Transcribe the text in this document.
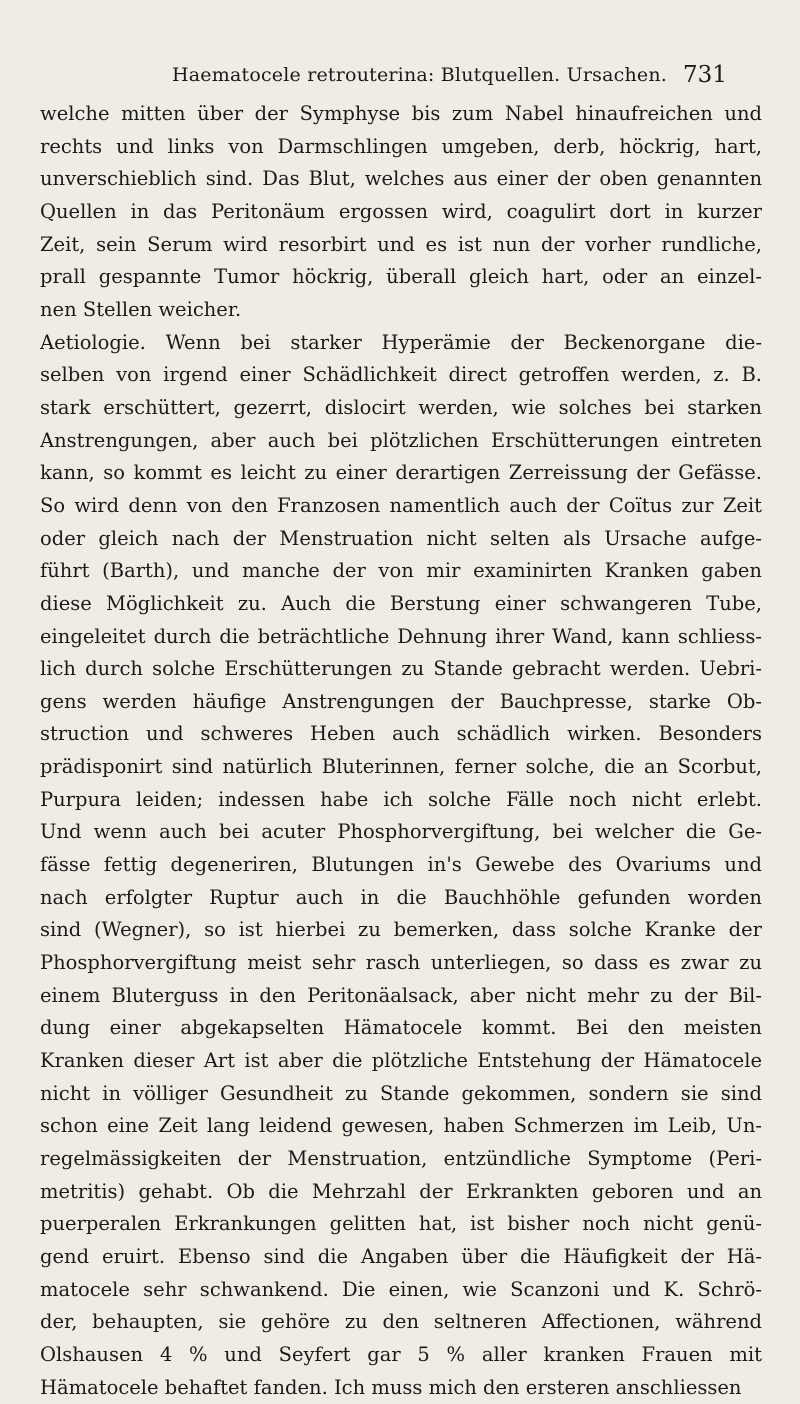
Haematocele retrouterina: Blutquellen. Ursachen. 731
welche mitten über der Symphyse bis zum Nabel hinaufreichen und
rechts und links von Darmschlingen umgeben, derb, höckrig, hart,
unverschieblich sind. Das Blut, welches aus einer der oben genannten
Quellen in das Peritonäum ergossen wird, coagulirt dort in kurzer
Zeit, sein Serum wird resorbirt und es ist nun der vorher rundliche,
prall gespannte Tumor höckrig, überall gleich hart, oder an einzel-
nen Stellen weicher.
Aetiologie. Wenn bei starker Hyperämie der Beckenorgane die-
selben von irgend einer Schädlichkeit direct getroffen werden, z. B.
stark erschüttert, gezerrt, dislocirt werden, wie solches bei starken
Anstrengungen, aber auch bei plötzlichen Erschütterungen eintreten
kann, so kommt es leicht zu einer derartigen Zerreissung der Gefässe.
So wird denn von den Franzosen namentlich auch der Coïtus zur Zeit
oder gleich nach der Menstruation nicht selten als Ursache aufge-
führt (Barth), und manche der von mir examinirten Kranken gaben
diese Möglichkeit zu. Auch die Berstung einer schwangeren Tube,
eingeleitet durch die beträchtliche Dehnung ihrer Wand, kann schliess-
lich durch solche Erschütterungen zu Stande gebracht werden. Uebri-
gens werden häufige Anstrengungen der Bauchpresse, starke Ob-
struction und schweres Heben auch schädlich wirken. Besonders
prädisponirt sind natürlich Bluterinnen, ferner solche, die an Scorbut,
Purpura leiden; indessen habe ich solche Fälle noch nicht erlebt.
Und wenn auch bei acuter Phosphorvergiftung, bei welcher die Ge-
fässe fettig degeneriren, Blutungen in's Gewebe des Ovariums und
nach erfolgter Ruptur auch in die Bauchhöhle gefunden worden
sind (Wegner), so ist hierbei zu bemerken, dass solche Kranke der
Phosphorvergiftung meist sehr rasch unterliegen, so dass es zwar zu
einem Bluterguss in den Peritonäalsack, aber nicht mehr zu der Bil-
dung einer abgekapselten Hämatocele kommt. Bei den meisten
Kranken dieser Art ist aber die plötzliche Entstehung der Hämatocele
nicht in völliger Gesundheit zu Stande gekommen, sondern sie sind
schon eine Zeit lang leidend gewesen, haben Schmerzen im Leib, Un-
regelmässigkeiten der Menstruation, entzündliche Symptome (Peri-
metritis) gehabt. Ob die Mehrzahl der Erkrankten geboren und an
puerperalen Erkrankungen gelitten hat, ist bisher noch nicht genü-
gend eruirt. Ebenso sind die Angaben über die Häufigkeit der Hä-
matocele sehr schwankend. Die einen, wie Scanzoni und K. Schrö-
der, behaupten, sie gehöre zu den seltneren Affectionen, während
Olshausen 4 % und Seyfert gar 5 % aller kranken Frauen mit
Hämatocele behaftet fanden. Ich muss mich den ersteren anschliessen
